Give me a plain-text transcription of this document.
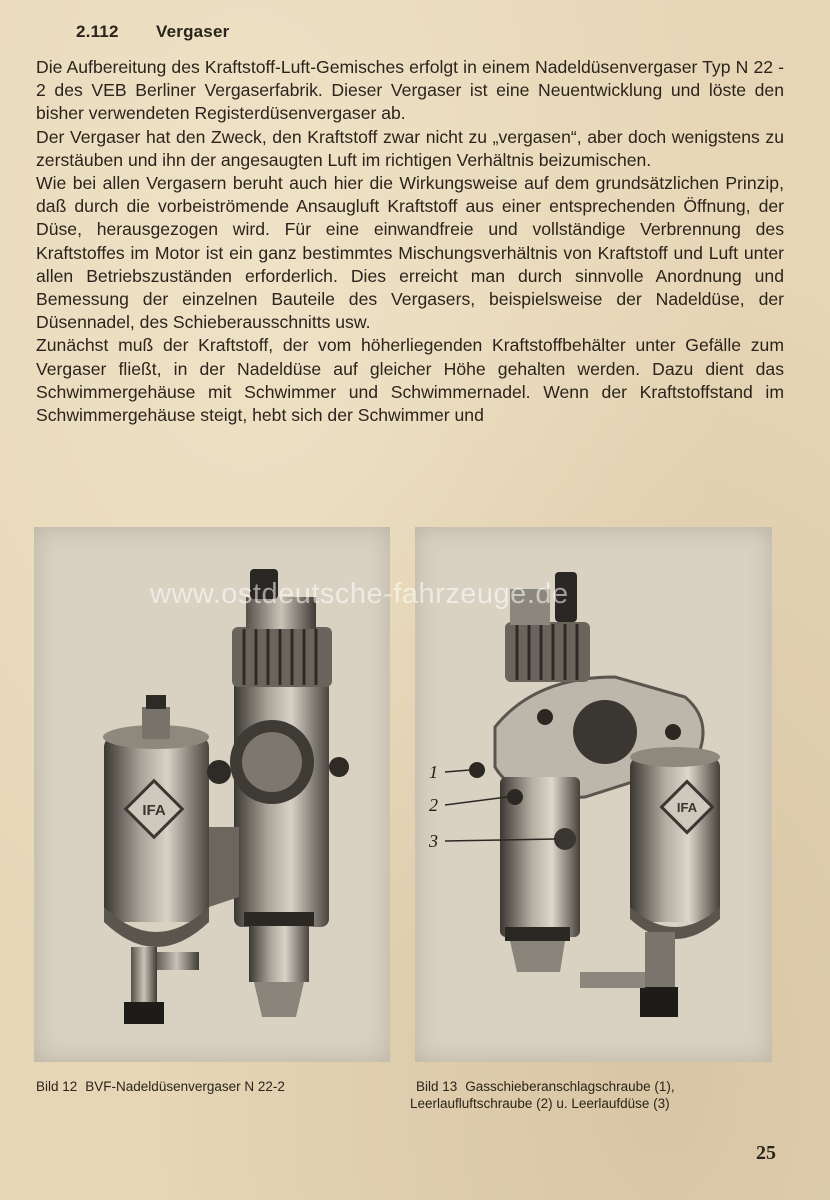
2.112 Vergaser

Die Aufbereitung des Kraftstoff-Luft-Gemisches erfolgt in einem Nadeldüsenvergaser Typ N 22 - 2 des VEB Berliner Vergaserfabrik. Dieser Vergaser ist eine Neuentwicklung und löste den bisher verwendeten Registerdüsenvergaser ab.

Der Vergaser hat den Zweck, den Kraftstoff zwar nicht zu „vergasen“, aber doch wenigstens zu zerstäuben und ihn der angesaugten Luft im richtigen Verhältnis beizumischen.

Wie bei allen Vergasern beruht auch hier die Wirkungsweise auf dem grundsätzlichen Prinzip, daß durch die vorbeiströmende Ansaugluft Kraftstoff aus einer entsprechenden Öffnung, der Düse, herausgezogen wird. Für eine einwandfreie und vollständige Verbrennung des Kraftstoffes im Motor ist ein ganz bestimmtes Mischungsverhältnis von Kraftstoff und Luft unter allen Betriebszuständen erforderlich. Dies erreicht man durch sinnvolle Anordnung und Bemessung der einzelnen Bauteile des Vergasers, beispielsweise der Nadeldüse, der Düsennadel, des Schieberausschnitts usw.

Zunächst muß der Kraftstoff, der vom höherliegenden Kraftstoffbehälter unter Gefälle zum Vergaser fließt, in der Nadeldüse auf gleicher Höhe gehalten werden. Dazu dient das Schwimmergehäuse mit Schwimmer und Schwimmernadel. Wenn der Kraftstoffstand im Schwimmergehäuse steigt, hebt sich der Schwimmer und

IFA	IFA
1
2
3
www.ostdeutsche-fahrzeuge.de
Bild 12 BVF-Nadeldüsenvergaser N 22-2	Bild 13 Gasschieberanschlagschraube (1),
Leerlaufluftschraube (2) u. Leerlaufdüse (3)
25
